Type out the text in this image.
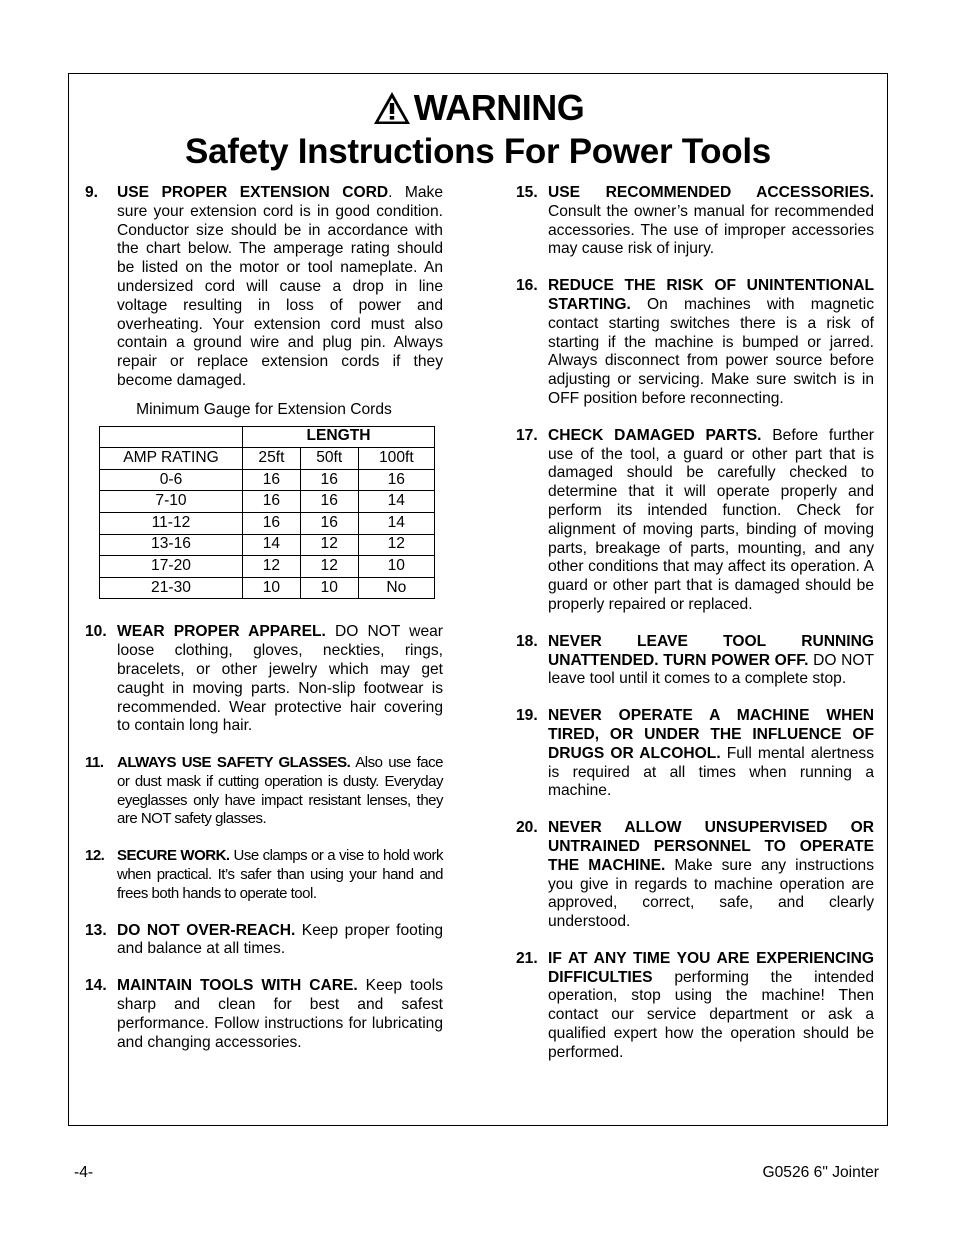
WARNING
Safety Instructions For Power Tools
9. USE PROPER EXTENSION CORD. Make sure your extension cord is in good condition. Conductor size should be in accordance with the chart below. The amperage rating should be listed on the motor or tool nameplate. An undersized cord will cause a drop in line voltage resulting in loss of power and overheating. Your extension cord must also contain a ground wire and plug pin. Always repair or replace extension cords if they become damaged.
Minimum Gauge for Extension Cords
	LENGTH		
AMP RATING	25ft	50ft	100ft
0-6	16	16	16
7-10	16	16	14
11-12	16	16	14
13-16	14	12	12
17-20	12	12	10
21-30	10	10	No
10. WEAR PROPER APPAREL. DO NOT wear loose clothing, gloves, neckties, rings, bracelets, or other jewelry which may get caught in moving parts. Non-slip footwear is recommended. Wear protective hair covering to contain long hair.
11. ALWAYS USE SAFETY GLASSES. Also use face or dust mask if cutting operation is dusty. Everyday eyeglasses only have impact resistant lenses, they are NOT safety glasses.
12. SECURE WORK. Use clamps or a vise to hold work when practical. It’s safer than using your hand and frees both hands to operate tool.
13. DO NOT OVER-REACH. Keep proper footing and balance at all times.
14. MAINTAIN TOOLS WITH CARE. Keep tools sharp and clean for best and safest performance. Follow instructions for lubricating and changing accessories.
15. USE RECOMMENDED ACCESSORIES. Consult the owner’s manual for recommended accessories. The use of improper accessories may cause risk of injury.
16. REDUCE THE RISK OF UNINTENTIONAL STARTING. On machines with magnetic contact starting switches there is a risk of starting if the machine is bumped or jarred. Always disconnect from power source before adjusting or servicing. Make sure switch is in OFF position before reconnecting.
17. CHECK DAMAGED PARTS. Before further use of the tool, a guard or other part that is damaged should be carefully checked to determine that it will operate properly and perform its intended function. Check for alignment of moving parts, binding of moving parts, breakage of parts, mounting, and any other conditions that may affect its operation. A guard or other part that is damaged should be properly repaired or replaced.
18. NEVER LEAVE TOOL RUNNING UNATTENDED. TURN POWER OFF. DO NOT leave tool until it comes to a complete stop.
19. NEVER OPERATE A MACHINE WHEN TIRED, OR UNDER THE INFLUENCE OF DRUGS OR ALCOHOL. Full mental alertness is required at all times when running a machine.
20. NEVER ALLOW UNSUPERVISED OR UNTRAINED PERSONNEL TO OPERATE THE MACHINE. Make sure any instructions you give in regards to machine operation are approved, correct, safe, and clearly understood.
21. IF AT ANY TIME YOU ARE EXPERIENCING DIFFICULTIES performing the intended operation, stop using the machine! Then contact our service department or ask a qualified expert how the operation should be performed.
-4-	G0526 6" Jointer
